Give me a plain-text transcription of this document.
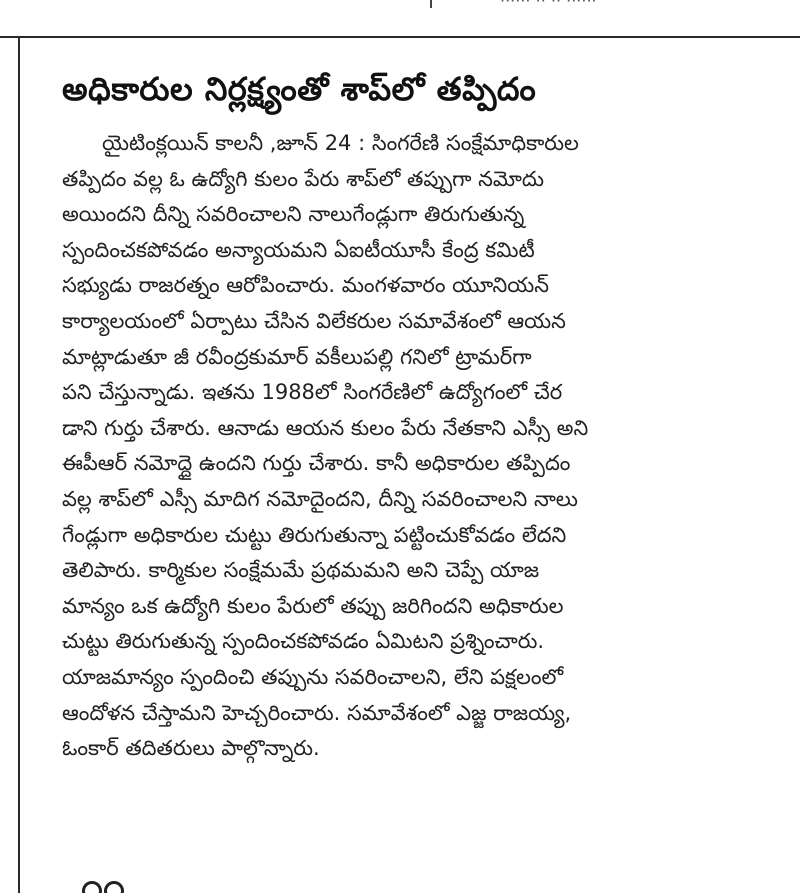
······ ·· ·· ······
అధికారుల నిర్లక్ష్యంతో శాప్‌లో తప్పిదం
యైటింక్లయిన్ కాలనీ ,జూన్ 24 : సింగరేణి సంక్షేమాధికారుల
తప్పిదం వల్ల ఓ ఉద్యోగి కులం పేరు శాప్‌లో తప్పుగా నమోదు
అయిందని దీన్ని సవరించాలని నాలుగేండ్లుగా తిరుగుతున్న
స్పందించకపోవడం అన్యాయమని ఏఐటీయూసీ కేంద్ర కమిటీ
సభ్యుడు రాజరత్నం ఆరోపించారు. మంగళవారం యూనియన్
కార్యాలయంలో ఏర్పాటు చేసిన విలేకరుల సమావేశంలో ఆయన
మాట్లాడుతూ జీ రవీంద్రకుమార్ వకీలుపల్లి గనిలో ట్రామర్‌గా
పని చేస్తున్నాడు. ఇతను 1988లో సింగరేణిలో ఉద్యోగంలో చేర
డాని గుర్తు చేశారు. ఆనాడు ఆయన కులం పేరు నేతకాని ఎస్సీ అని
ఈపీఆర్ నమోద్దై ఉందని గుర్తు చేశారు. కానీ అధికారుల తప్పిదం
వల్ల శాప్‌లో ఎస్సీ మాదిగ నమోదైందని, దీన్ని సవరించాలని నాలు
గేండ్లుగా అధికారుల చుట్టు తిరుగుతున్నా పట్టించుకోవడం లేదని
తెలిపారు. కార్మికుల సంక్షేమమే ప్రథమమని అని చెప్పే యాజ
మాన్యం ఒక ఉద్యోగి కులం పేరులో తప్పు జరిగిందని అధికారుల
చుట్టు తిరుగుతున్న స్పందించకపోవడం ఏమిటని ప్రశ్నించారు.
యాజమాన్యం స్పందించి తప్పును సవరించాలని, లేని పక్షలంలో
ఆందోళన చేస్తామని హెచ్చరించారు. సమావేశంలో ఎజ్జ రాజయ్య,
ఓంకార్ తదితరులు పాల్గొన్నారు.
